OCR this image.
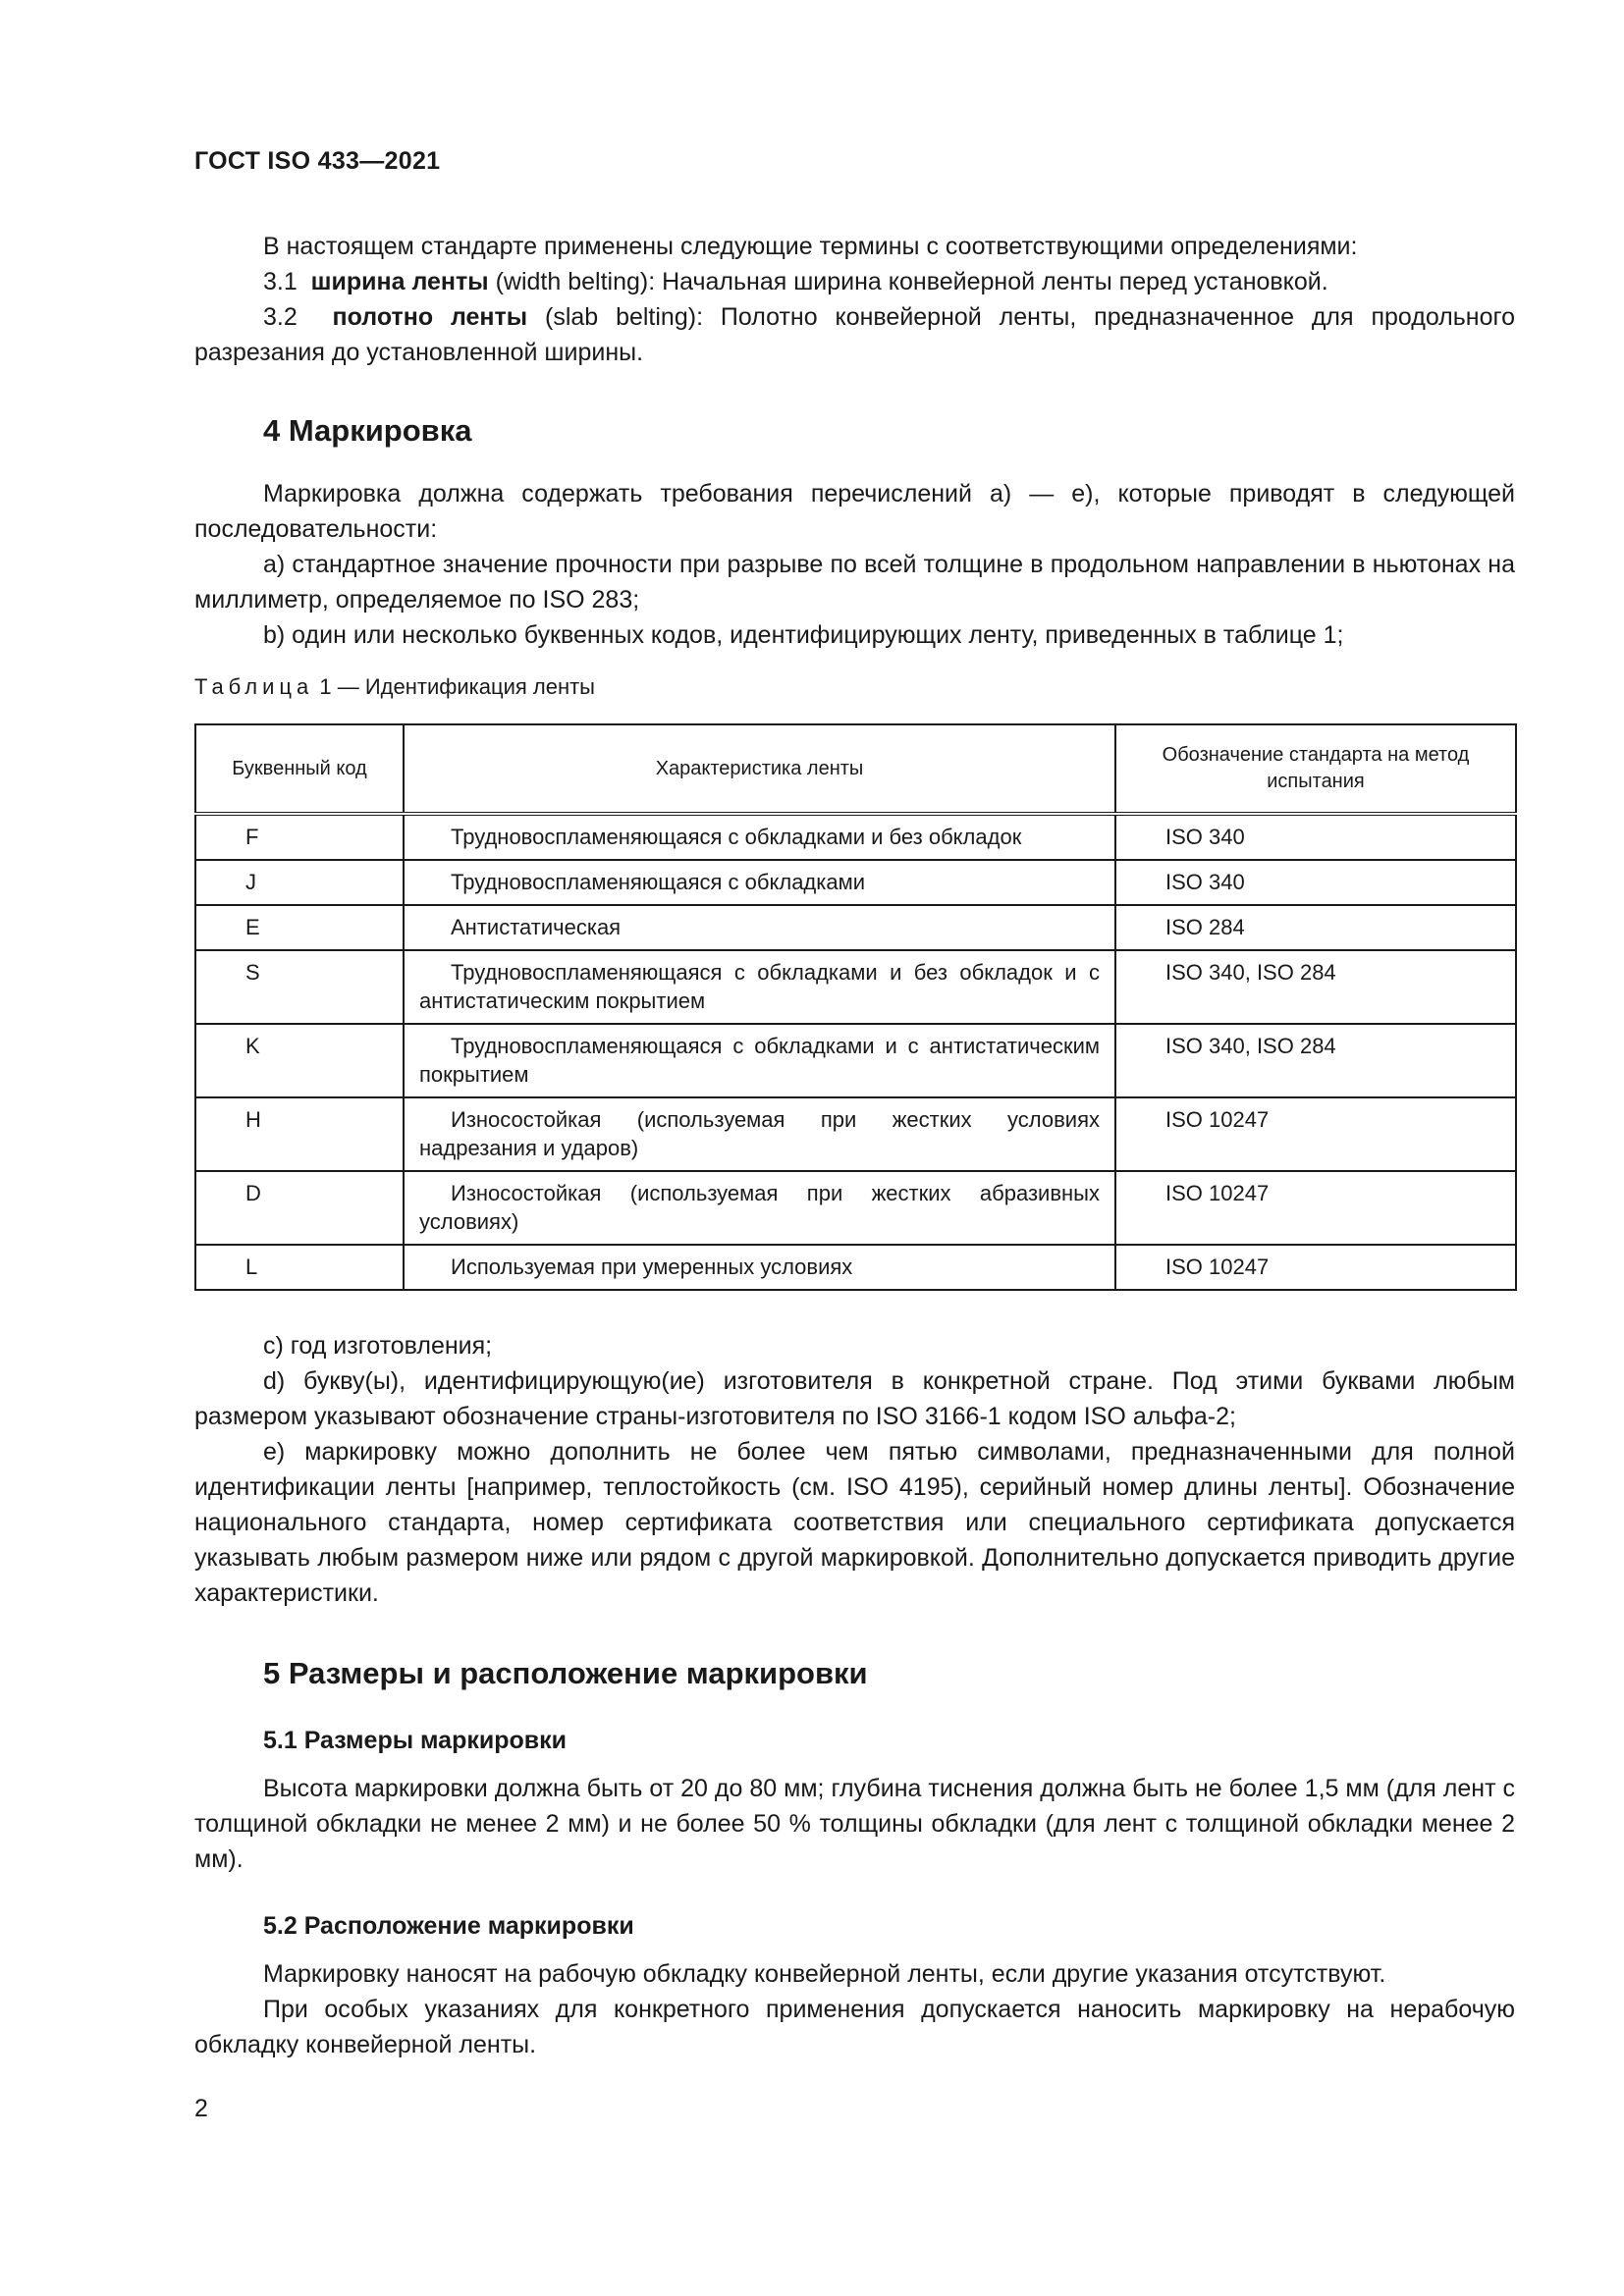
ГОСТ ISO 433—2021

В настоящем стандарте применены следующие термины с соответствующими определениями:

3.1 ширина ленты (width belting): Начальная ширина конвейерной ленты перед установкой.

3.2 полотно ленты (slab belting): Полотно конвейерной ленты, предназначенное для продольного разрезания до установленной ширины.

4 Маркировка

Маркировка должна содержать требования перечислений а) — е), которые приводят в следующей последовательности:

a) стандартное значение прочности при разрыве по всей толщине в продольном направлении в ньютонах на миллиметр, определяемое по ISO 283;

b) один или несколько буквенных кодов, идентифицирующих ленту, приведенных в таблице 1;

Таблица 1 — Идентификация ленты
Буквенный код	Характеристика ленты	Обозначение стандарта на метод испытания
F	Трудновоспламеняющаяся с обкладками и без обкладок	ISO 340
J	Трудновоспламеняющаяся с обкладками	ISO 340
E	Антистатическая	ISO 284
S	Трудновоспламеняющаяся с обкладками и без обкладок и с антистатическим покрытием	ISO 340, ISO 284
K	Трудновоспламеняющаяся с обкладками и с антистатическим покрытием	ISO 340, ISO 284
H	Износостойкая (используемая при жестких условиях надрезания и ударов)	ISO 10247
D	Износостойкая (используемая при жестких абразивных условиях)	ISO 10247
L	Используемая при умеренных условиях	ISO 10247

c) год изготовления;

d) букву(ы), идентифицирующую(ие) изготовителя в конкретной стране. Под этими буквами любым размером указывают обозначение страны-изготовителя по ISO 3166-1 кодом ISO альфа-2;

e) маркировку можно дополнить не более чем пятью символами, предназначенными для полной идентификации ленты [например, теплостойкость (см. ISO 4195), серийный номер длины ленты]. Обозначение национального стандарта, номер сертификата соответствия или специального сертификата допускается указывать любым размером ниже или рядом с другой маркировкой. Дополнительно допускается приводить другие характеристики.

5 Размеры и расположение маркировки
5.1 Размеры маркировки

Высота маркировки должна быть от 20 до 80 мм; глубина тиснения должна быть не более 1,5 мм (для лент с толщиной обкладки не менее 2 мм) и не более 50 % толщины обкладки (для лент с толщиной обкладки менее 2 мм).

5.2 Расположение маркировки

Маркировку наносят на рабочую обкладку конвейерной ленты, если другие указания отсутствуют.

При особых указаниях для конкретного применения допускается наносить маркировку на нерабочую обкладку конвейерной ленты.

2
